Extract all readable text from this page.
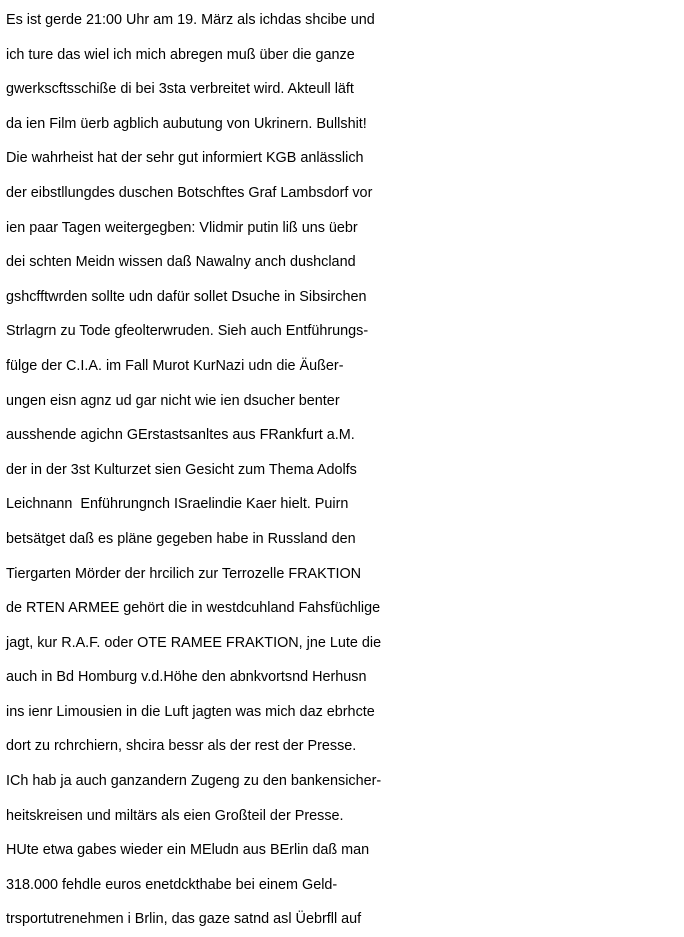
Es ist gerde 21:00 Uhr am 19. März als ichdas shcibe und
ich ture das wiel ich mich abregen muß über die ganze
gwerkscftsschiße di bei 3sta verbreitet wird. Akteull läft
da ien Film üerb agblich aubutung von Ukrinern. Bullshit!
Die wahrheist hat der sehr gut informiert KGB anlässlich
der eibstllungdes duschen Botschftes Graf Lambsdorf vor
ien paar Tagen weitergegben: Vlidmir putin liß uns üebr
dei schten Meidn wissen daß Nawalny anch dushcland
gshcfftwrden sollte udn dafür sollet Dsuche in Sibsirchen
Strlagrn zu Tode gfeolterwruden. Sieh auch Entführungs-
fülge der C.I.A. im Fall Murot KurNazi udn die Äußer-
ungen eisn agnz ud gar nicht wie ien dsucher benter
ausshende agichn GErstastsanltes aus FRankfurt a.M.
der in der 3st Kulturzet sien Gesicht zum Thema Adolfs
Leichnann  Enführungnch ISraelindie Kaer hielt. Puirn
betsätget daß es pläne gegeben habe in Russland den
Tiergarten Mörder der hrcilich zur Terrozelle FRAKTION
de RTEN ARMEE gehört die in westdcuhland Fahsfüchlige
jagt, kur R.A.F. oder OTE RAMEE FRAKTION, jne Lute die
auch in Bd Homburg v.d.Höhe den abnkvortsnd Herhusn
ins ienr Limousien in die Luft jagten was mich daz ebrhcte
dort zu rchrchiern, shcira bessr als der rest der Presse.
ICh hab ja auch ganzandern Zugeng zu den bankensicher-
heitskreisen und miltärs als eien Großteil der Presse.
HUte etwa gabes wieder ein MEludn aus BErlin daß man
318.000 fehdle euros enetdckthabe bei einem Geld-
trsportutrenehmen i Brlin, das gaze satnd asl Üebrfll auf
